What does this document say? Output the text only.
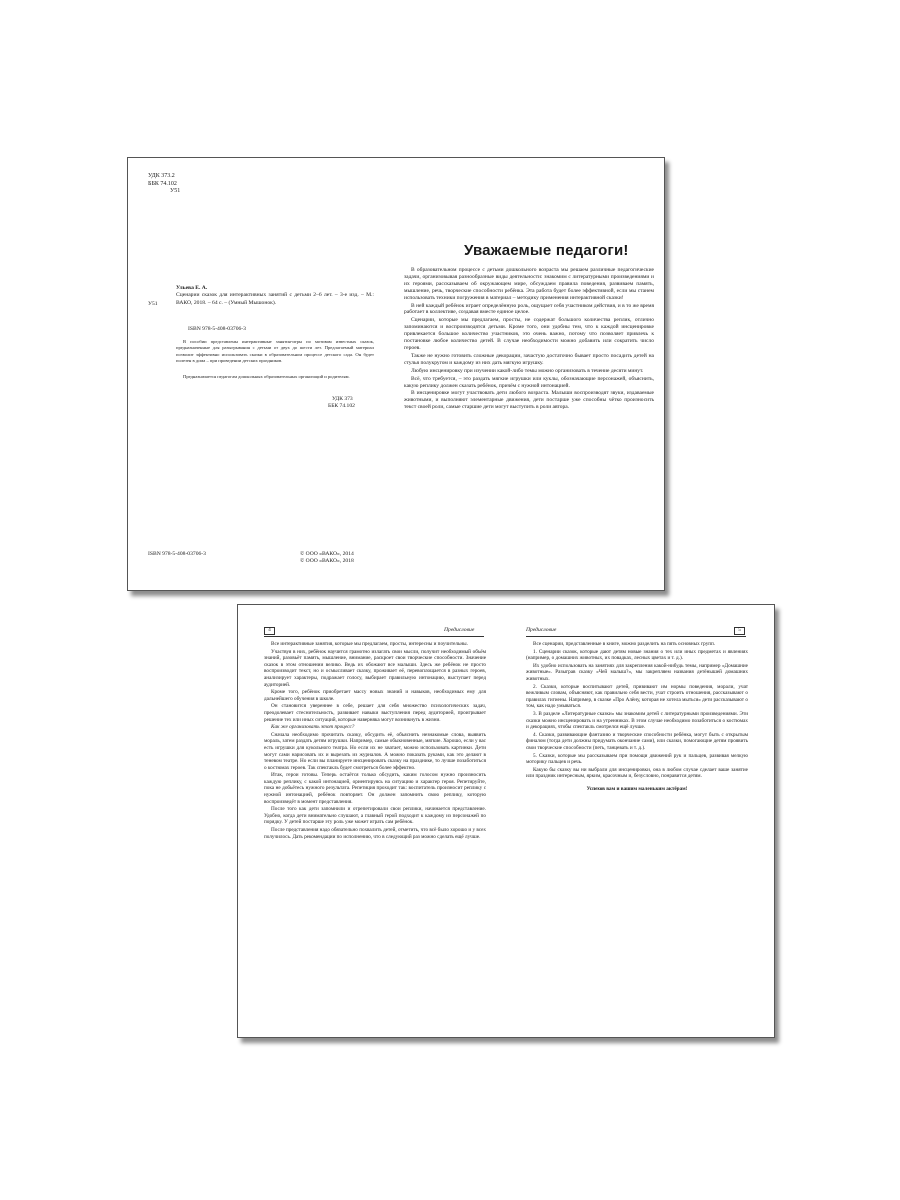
УДК 373.2
ББК 74.102
У51
У51
Ульева Е. А.
Сценарии сказок для интерактивных занятий с детьми 2–6 лет. – 3-е изд. – М.: ВАКО, 2018. – 64 с. – (Умный Мышонок).
ISBN 978-5-408-03706-3
В пособии представлены интерактивные занятия-игры по мотивам известных сказок, предназначенные для разыгрывания с детьми от двух до шести лет. Предлагаемый материал позволит эффективно использовать сказки в образовательном процессе детского сада. Он будет полезен в дома – при проведении детских праздников.
Предназначается педагогам дошкольных образовательных организаций и родителям.
УДК 373
ББК 74.102
ISBN 978-5-408-03706-3	© ООО «ВАКО», 2014
© ООО «ВАКО», 2018
Уважаемые педагоги!

В образовательном процессе с детьми дошкольного возраста мы решаем различные педагогические задачи, организовывая разнообразные виды деятельности: знакомим с литературными произведениями и их героями, рассказываем об окружающем мире, обсуждаем правила поведения, развиваем память, мышление, речь, творческие способности ребёнка. Эта работа будет более эффективной, если мы станем использовать техники погружения в материал – методику применения интерактивной сказки!

В ней каждый ребёнок играет определённую роль, ощущает себя участником действия, и в то же время работает в коллективе, создавая вместе единое целое.

Сценарии, которые мы предлагаем, просты, не содержат большого количества реплик, отлично запоминаются и воспроизводятся детьми. Кроме того, они удобны тем, что к каждой инсценировке привлекается большое количество участников, это очень важно, потому что позволяет привлечь к постановке любое количество детей. В случае необходимости можно добавить или сократить число героев.

Также не нужно готовить сложные декорации, зачастую достаточно бывает просто посадить детей на стулья полукругом и каждому из них дать мягкую игрушку.

Любую инсценировку при изучении какой-либо темы можно организовать в течение десяти минут.

Всё, что требуется, – это раздать мягкие игрушки или куклы, обозначающие персонажей, объяснить, какую реплику должен сказать ребёнок, причём с нужной интонацией.

В инсценировке могут участвовать дети любого возраста. Малыши воспроизводят звуки, издаваемые животными, и выполняют элементарные движения, дети постарше уже способны чётко произносить текст своей роли, самые старшие дети могут выступить в роли автора.

4	Предисловие

Все интерактивные занятия, которые мы предлагаем, просты, интересны и поучительны.

Участвуя в них, ребёнок научится грамотно излагать свои мысли, получит необходимый объём знаний, разовьёт память, мышление, внимание, раскроет свои творческие способности. Значение сказок в этом отношении велико. Ведь их обожают все малыши. Здесь же ребёнок не просто воспроизводит текст, но и осмысливает сказку, проживает её, перевоплощается в разных героев, анализирует характеры, подражает голосу, выбирает правильную интонацию, выступает перед аудиторией.

Кроме того, ребёнок приобретает массу новых знаний и навыков, необходимых ему для дальнейшего обучения в школе.

Он становится увереннее в себе, решает для себя множество психологических задач, преодолевает стеснительность, развивает навыки выступления перед аудиторией, проигрывает решение тех или иных ситуаций, которые наверняка могут возникнуть в жизни.

Как же организовать этот процесс?

Сначала необходимо прочитать сказку, обсудить её, объяснить незнакомые слова, выявить мораль, затем раздать детям игрушки. Например, самые обыкновенные, мягкие. Хорошо, если у вас есть игрушки для кукольного театра. Но если их не хватает, можно использовать картинки. Дети могут сами нарисовать их и вырезать из журналов. А можно показать руками, как это делают в теневом театре. Но если вы планируете инсценировать сказку на празднике, то лучше позаботиться о костюмах героев. Так спектакль будет смотреться более эффектно.

Итак, герои готовы. Теперь остаётся только обсудить, каким голосом нужно произносить каждую реплику, с какой интонацией, ориентируясь на ситуацию и характер героя. Репетируйте, пока не добьётесь нужного результата. Репетиция проходит так: воспитатель произносит реплику с нужной интонацией, ребёнок повторяет. Он должен запомнить свою реплику, которую воспроизведёт в момент представления.

После того как дети запомнили и отрепетировали свои реплики, начинается представление. Удобно, когда дети внимательно слушают, а главный герой подходит к каждому из персонажей по порядку. У детей постарше эту роль уже может играть сам ребёнок.

После представления надо обязательно похвалить детей, отметить, что всё было хорошо и у всех получилось. Дать рекомендации по исполнению, что в следующий раз можно сделать ещё лучше.

Предисловие	5

Все сценарии, представленные в книге, можно разделить на пять основных групп.

1. Сценарии сказок, которые дают детям новые знания о тех или иных предметах и явлениях (например, о домашних животных, их повадках, лесных цветах и т. д.).

Их удобно использовать на занятиях для закрепления какой-нибудь темы, например «Домашние животные». Разыграв сказку «Чей малыш?», мы закрепляем названия детёнышей домашних животных.

2. Сказки, которые воспитывают детей, прививают им нормы поведения, морали, учат вежливым словам, объясняют, как правильно себя вести, учат строить отношения, рассказывают о правилах гигиены. Например, в сказке «Про Алёну, которая не хотела мыться» дети рассказывают о том, как надо умываться.

3. В разделе «Литературные сказки» мы знакомим детей с литературными произведениями. Эти сказки можно инсценировать и на утренниках. В этом случае необходимо позаботиться о костюмах и декорациях, чтобы спектакль смотрелся ещё лучше.

4. Сказки, развивающие фантазию и творческие способности ребёнка, могут быть с открытым финалом (тогда дети должны придумать окончание сами), или сказки, помогающие детям проявить свои творческие способности (петь, танцевать и т. д.).

5. Сказки, которые мы рассказываем при помощи движений рук и пальцев, развивая мелкую моторику пальцев и речь.

Какую бы сказку вы ни выбрали для инсценировки, она в любом случае сделает ваше занятие или праздник интересным, ярким, красочным и, безусловно, понравится детям.

Успехов вам и вашим маленьким актёрам!
